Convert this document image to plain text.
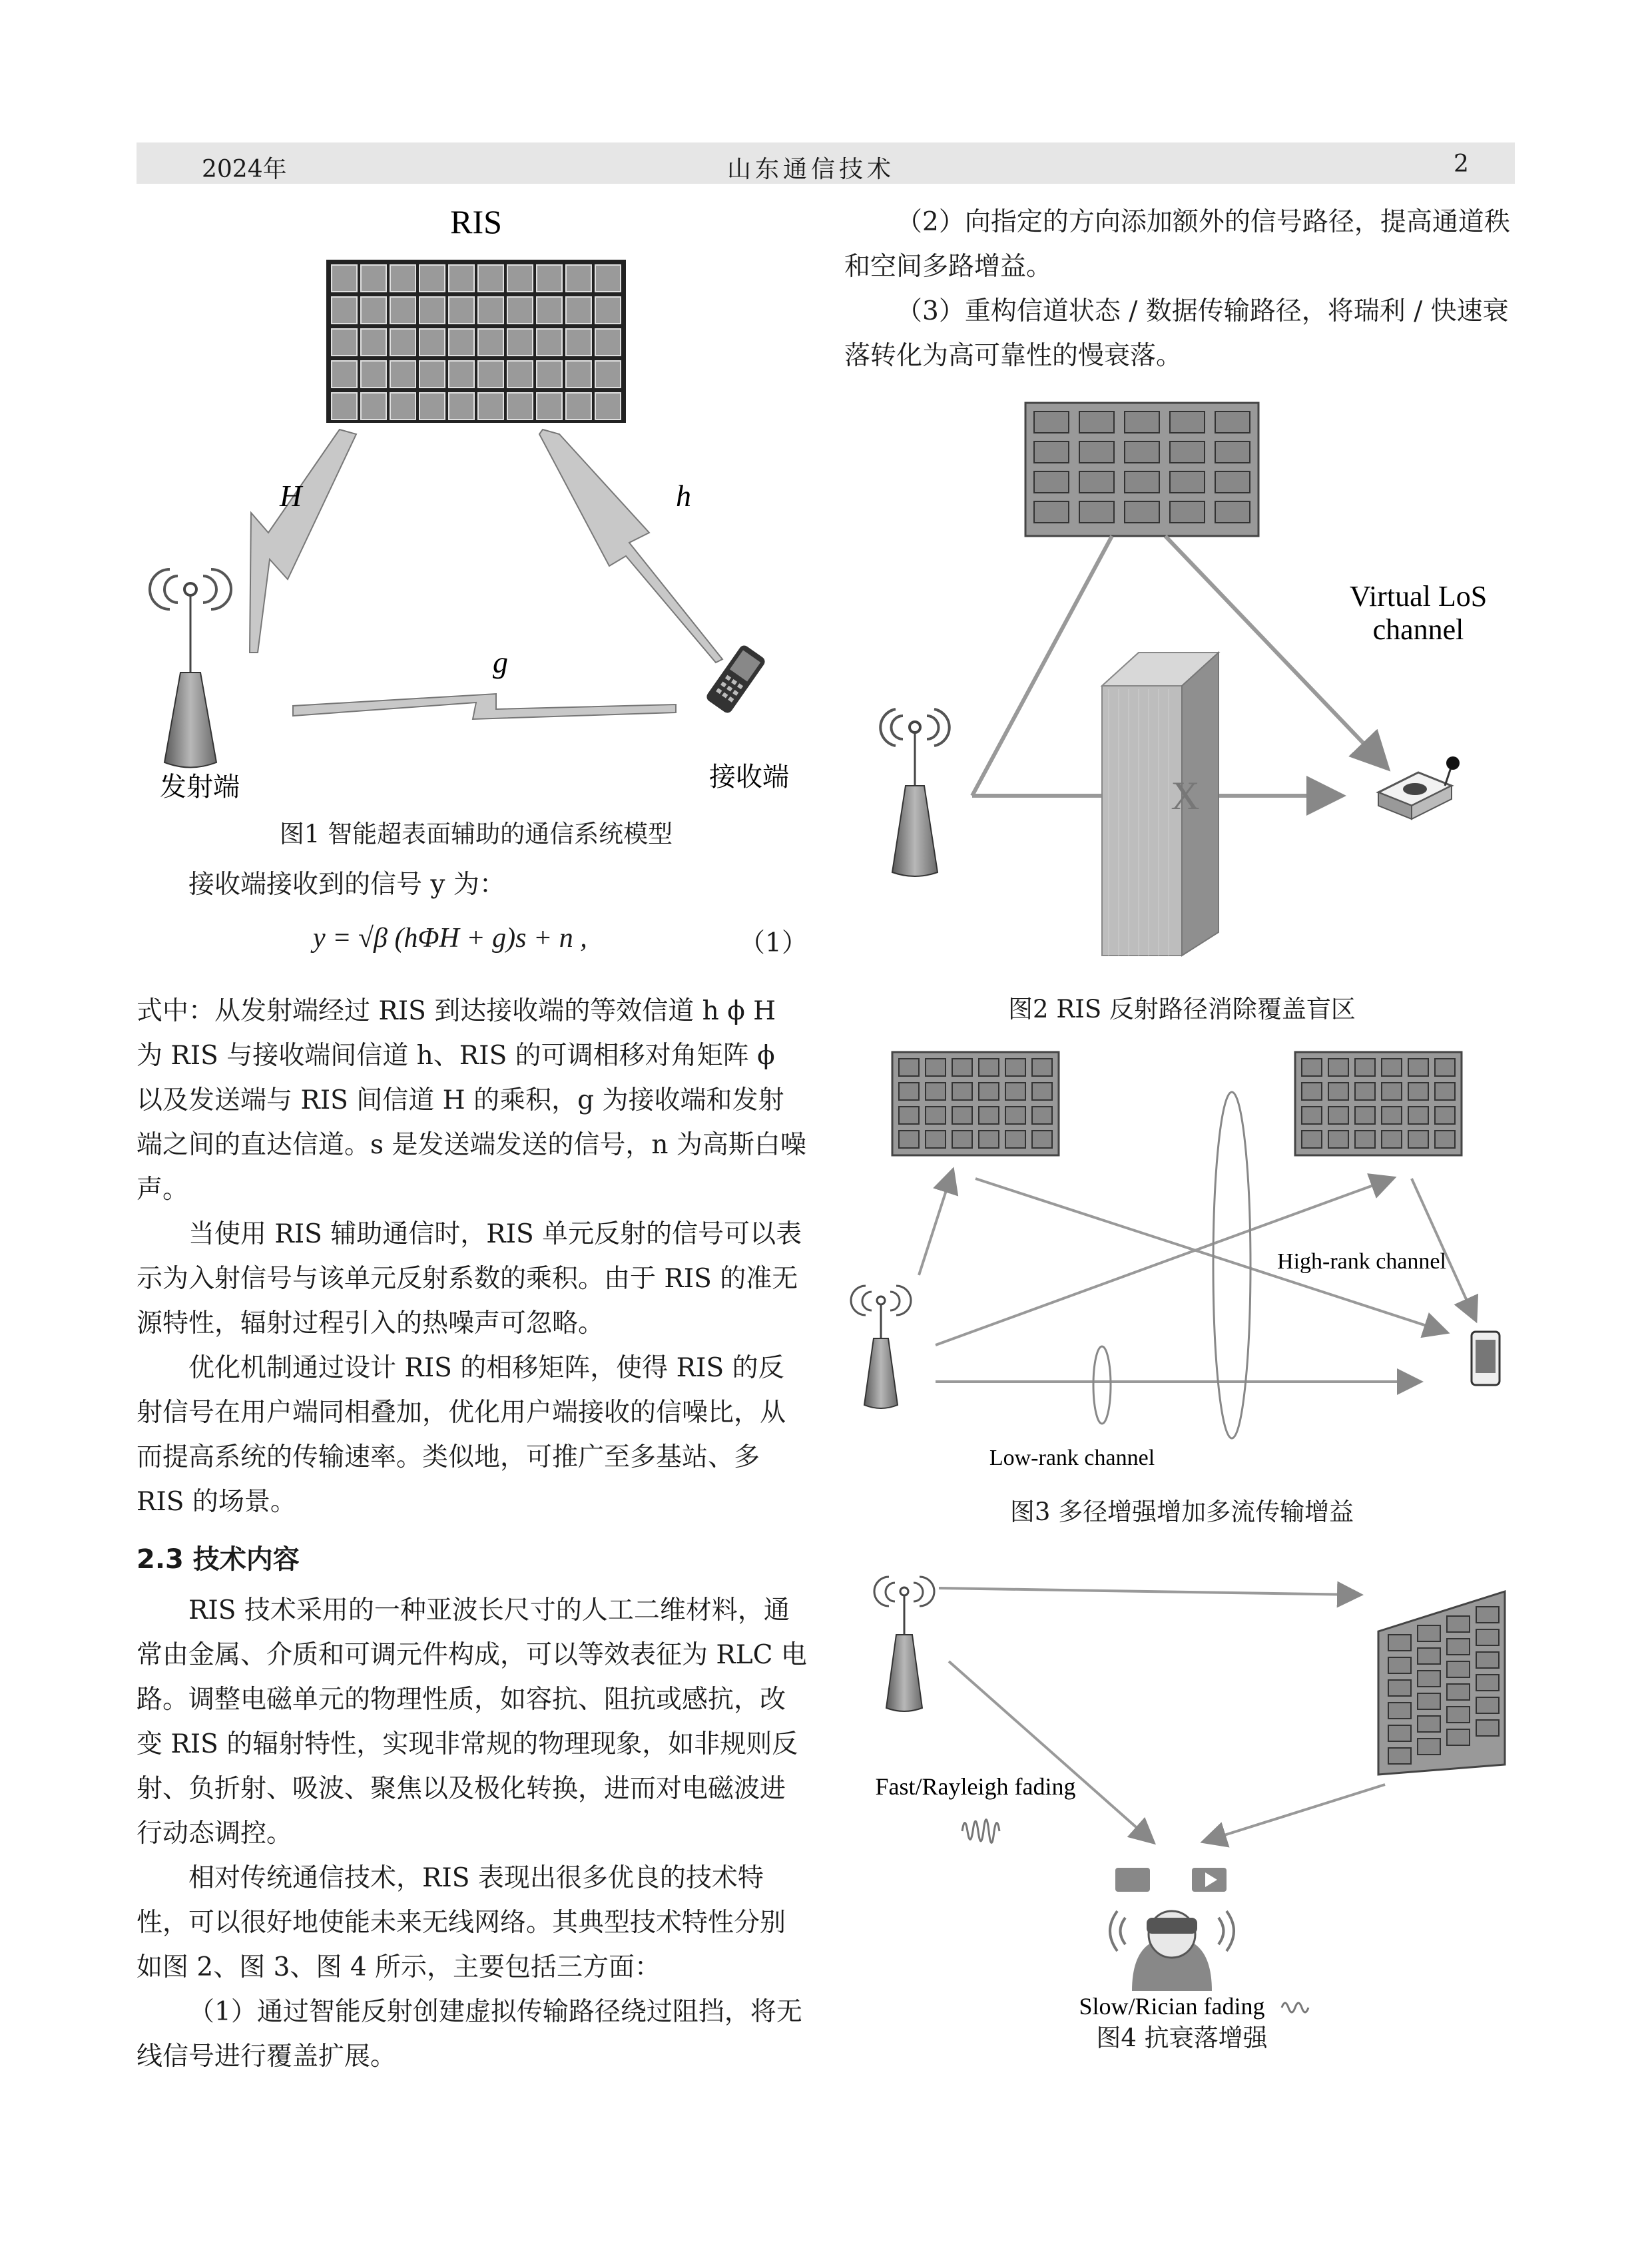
2024年	山东通信技术	2
RIS
H	h
g
发射端	接收端
图1 智能超表面辅助的通信系统模型

接收端接收到的信号 y 为：

y = √β (hΦH + g)s + n ,	（1）

式中：从发射端经过 RIS 到达接收端的等效信道 h ϕ H 为 RIS 与接收端间信道 h、RIS 的可调相移对角矩阵 ϕ 以及发送端与 RIS 间信道 H 的乘积，g 为接收端和发射端之间的直达信道。s 是发送端发送的信号，n 为高斯白噪声。

当使用 RIS 辅助通信时，RIS 单元反射的信号可以表示为入射信号与该单元反射系数的乘积。由于 RIS 的准无源特性，辐射过程引入的热噪声可忽略。

优化机制通过设计 RIS 的相移矩阵，使得 RIS 的反射信号在用户端同相叠加，优化用户端接收的信噪比，从而提高系统的传输速率。类似地，可推广至多基站、多 RIS 的场景。

2.3 技术内容

RIS 技术采用的一种亚波长尺寸的人工二维材料，通常由金属、介质和可调元件构成，可以等效表征为 RLC 电路。调整电磁单元的物理性质，如容抗、阻抗或感抗，改变 RIS 的辐射特性，实现非常规的物理现象，如非规则反射、负折射、吸波、聚焦以及极化转换，进而对电磁波进行动态调控。

相对传统通信技术，RIS 表现出很多优良的技术特性，可以很好地使能未来无线网络。其典型技术特性分别如图 2、图 3、图 4 所示，主要包括三方面：

（1）通过智能反射创建虚拟传输路径绕过阻挡，将无线信号进行覆盖扩展。

（2）向指定的方向添加额外的信号路径，提高通道秩和空间多路增益。

（3）重构信道状态 / 数据传输路径，将瑞利 / 快速衰落转化为高可靠性的慢衰落。

X
Virtual LoS
channel
图2 RIS 反射路径消除覆盖盲区
High-rank channel
Low-rank channel
图3 多径增强增加多流传输增益
Fast/Rayleigh fading
Slow/Rician fading
图4 抗衰落增强
